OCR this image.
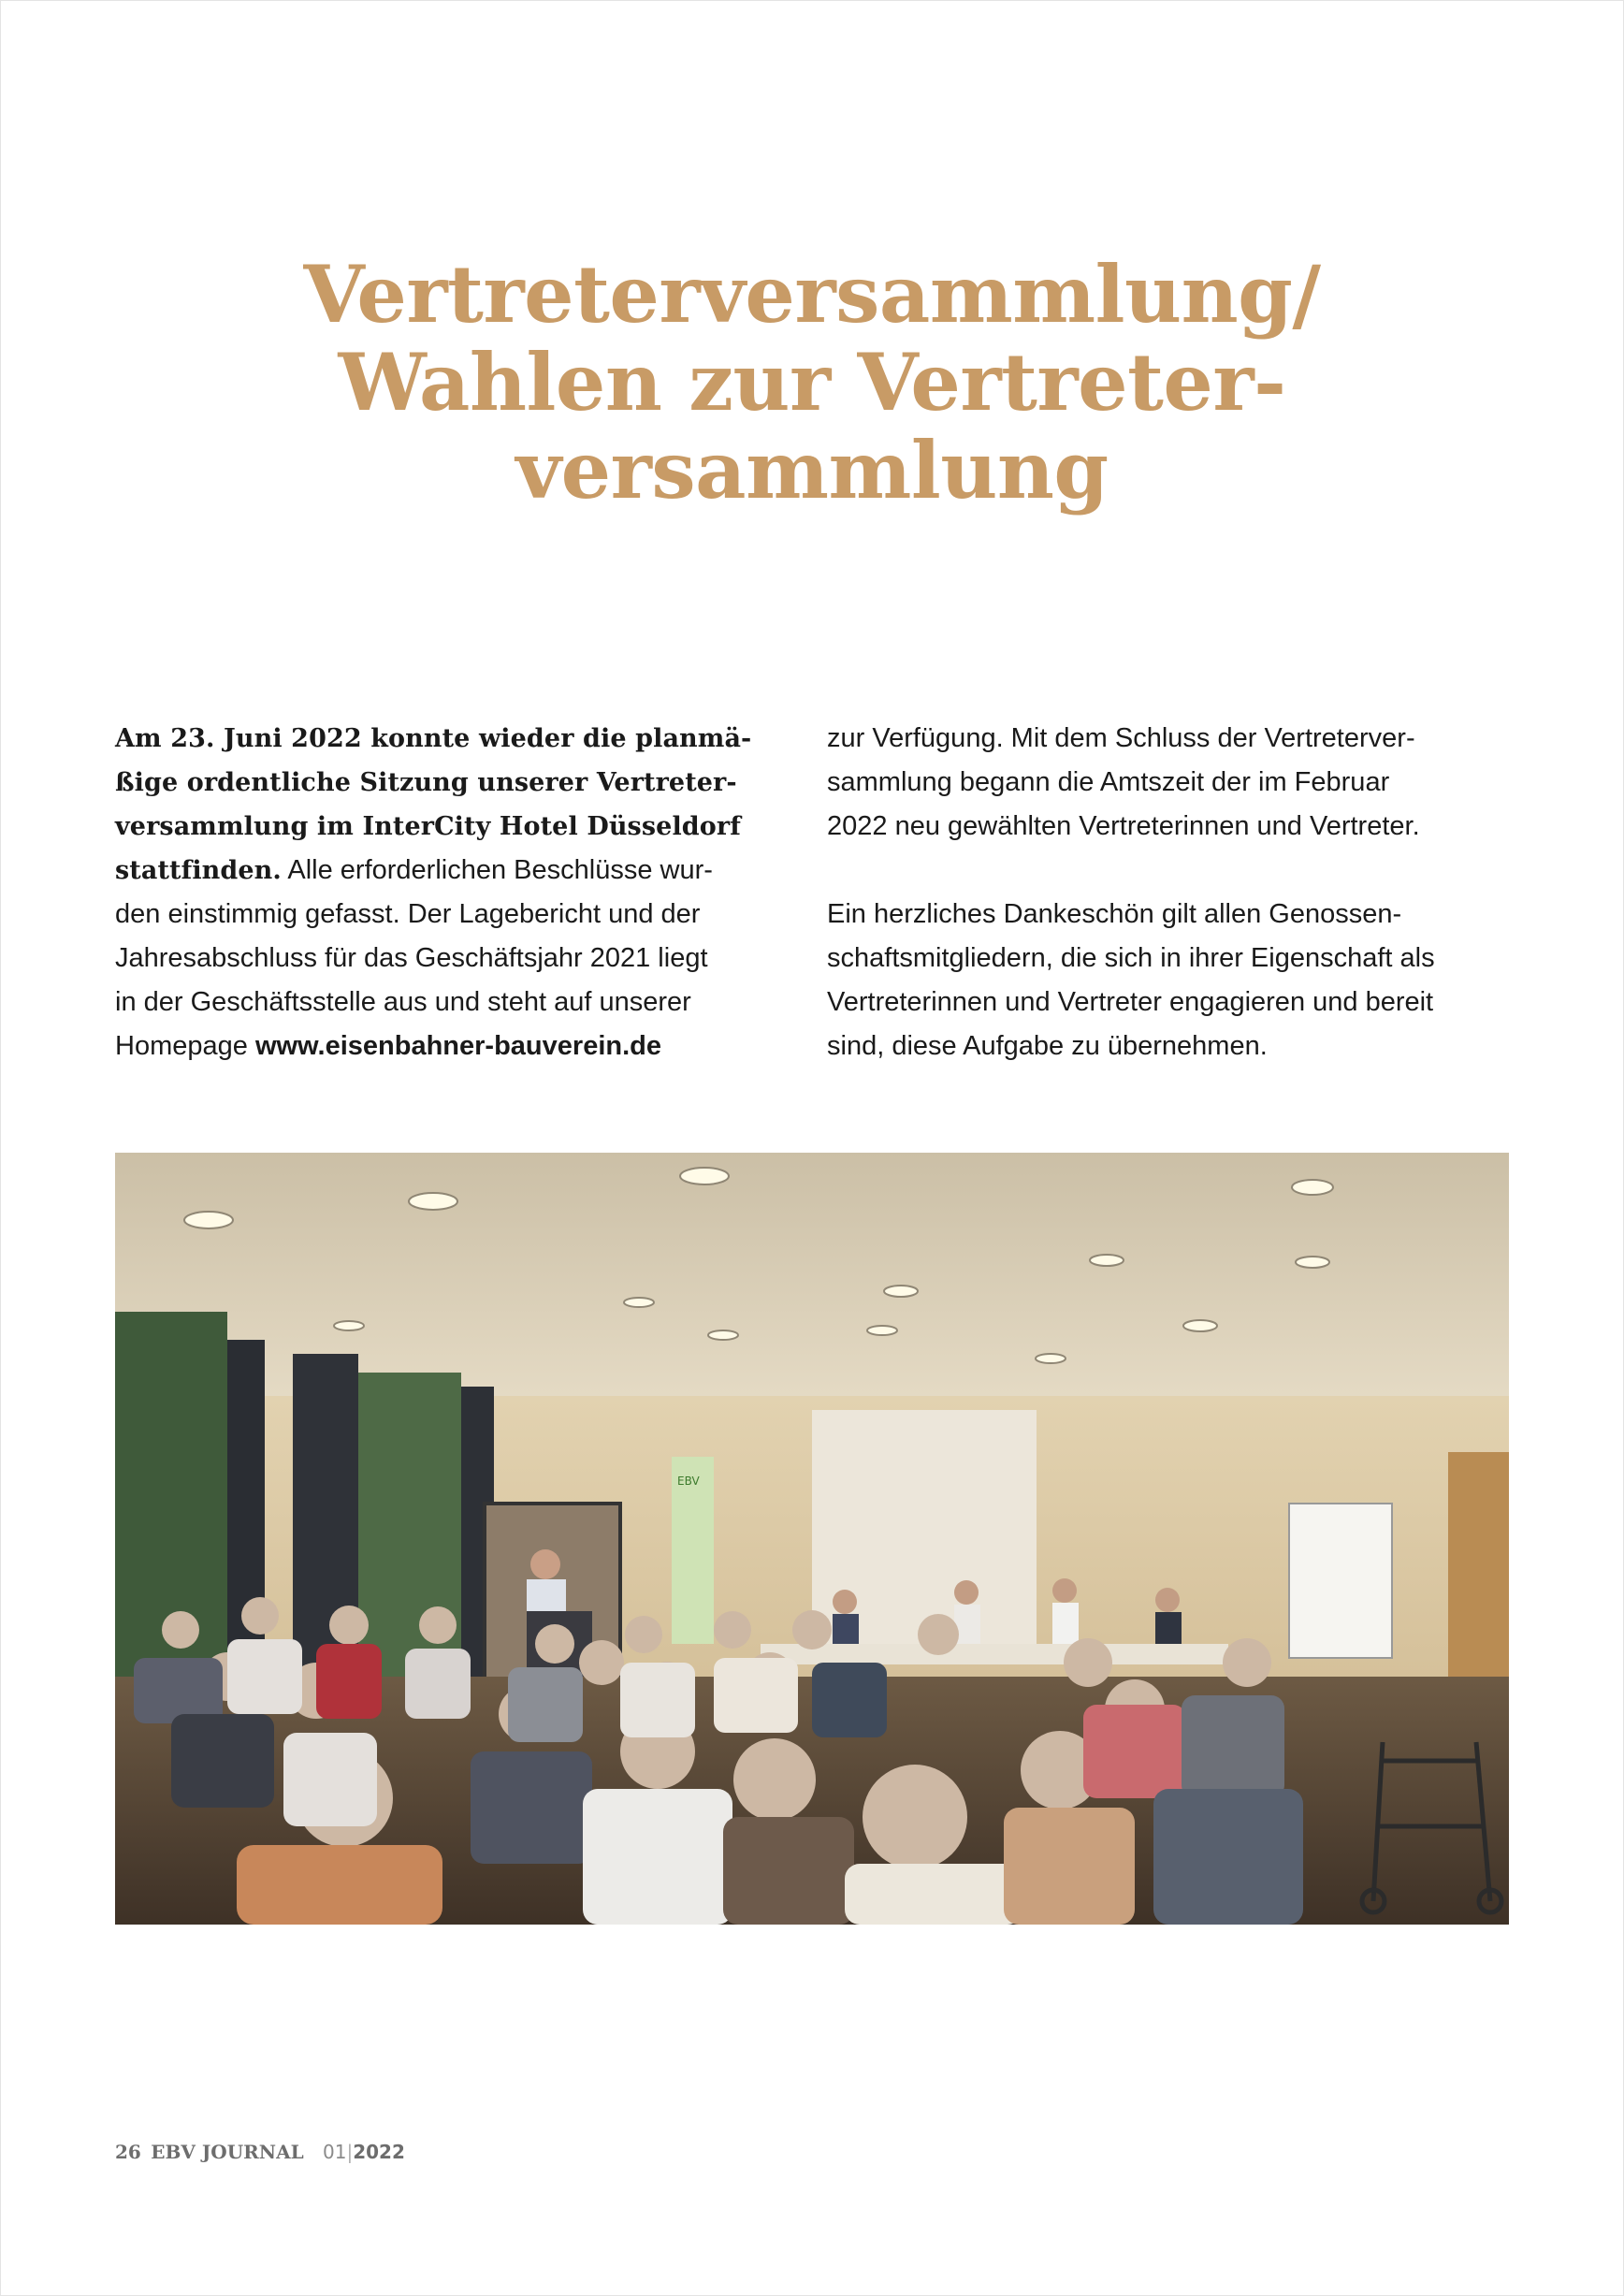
Vertreterversammlung/
Wahlen zur Vertreter-
versammlung
Am 23. Juni 2022 konnte wieder die planmä-
ßige ordentliche Sitzung unserer Vertreter-
versammlung im InterCity Hotel Düsseldorf
stattfinden. Alle erforderlichen Beschlüsse wur-
den einstimmig gefasst. Der Lagebericht und der
Jahresabschluss für das Geschäftsjahr 2021 liegt
in der Geschäftsstelle aus und steht auf unserer
Homepage www.eisenbahner-bauverein.de
zur Verfügung. Mit dem Schluss der Vertreterver-
sammlung begann die Amtszeit der im Februar
2022 neu gewählten Vertreterinnen und Vertreter.
Ein herzliches Dankeschön gilt allen Genossen-
schaftsmitgliedern, die sich in ihrer Eigenschaft als
Vertreterinnen und Vertreter engagieren und bereit
sind, diese Aufgabe zu übernehmen.
EBV
26 EBV JOURNAL 01|2022
